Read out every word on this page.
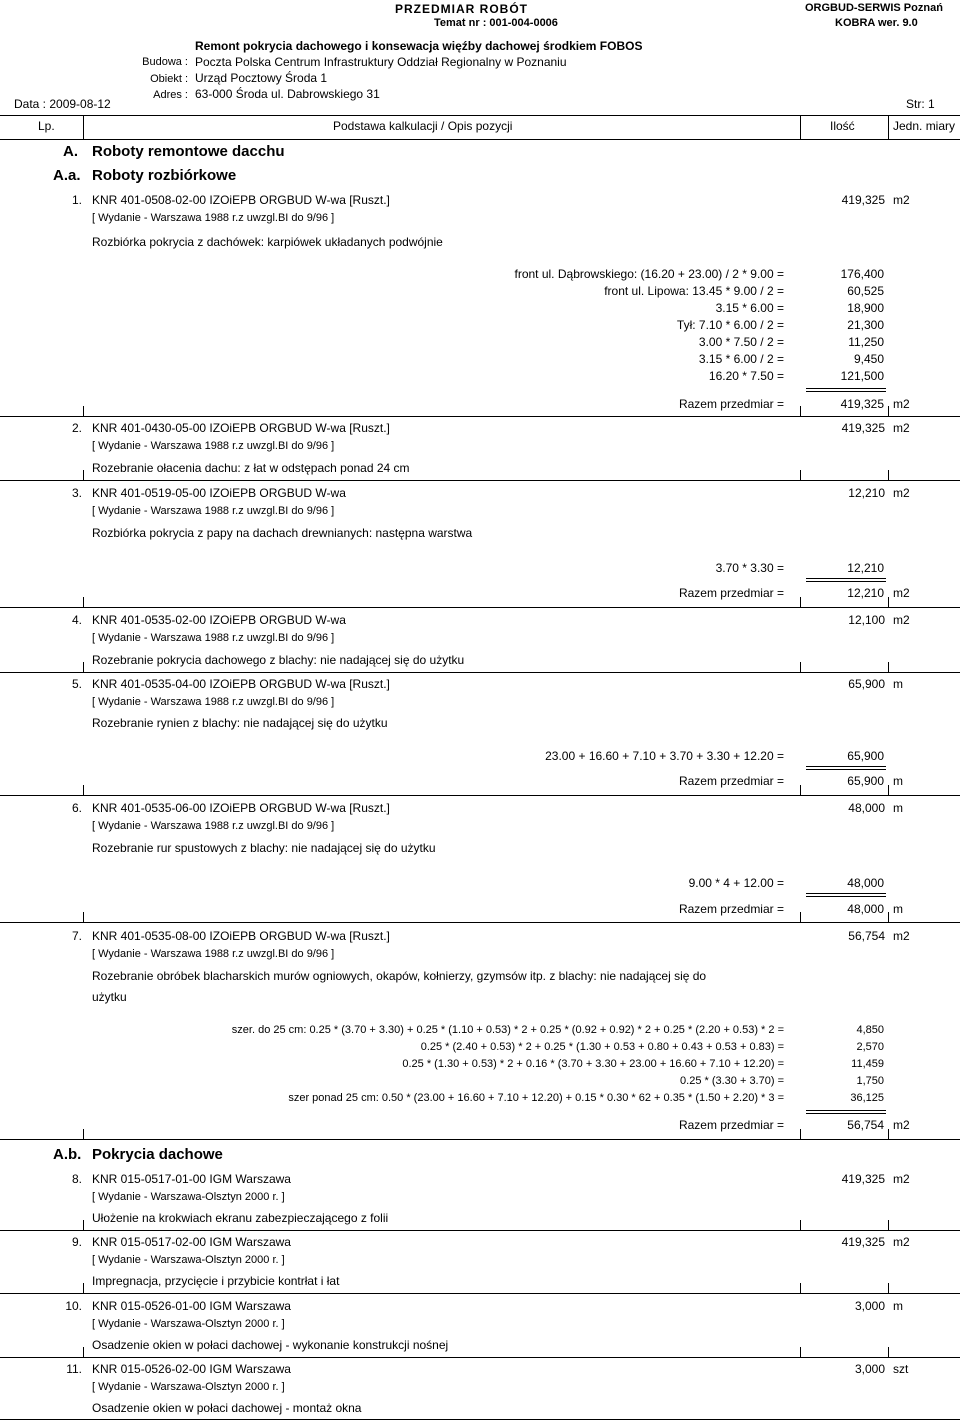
PRZEDMIAR ROBÓT
Temat nr : 001-004-0006
ORGBUD-SERWIS Poznań
KOBRA wer. 9.0
Remont pokrycia dachowego i konsewacja więźby dachowej środkiem FOBOS
Budowa : Poczta Polska Centrum Infrastruktury Oddział Regionalny w Poznaniu
Obiekt : Urząd Pocztowy Środa 1
Adres : 63-000 Środa ul. Dabrowskiego 31
Data : 2009-08-12	Str: 1
Lp.	Podstawa kalkulacji / Opis pozycji	Ilość	Jedn. miary
A. Roboty remontowe dacchu
A.a. Roboty rozbiórkowe
1. KNR 401-0508-02-00 IZOiEPB ORGBUD W-wa [Ruszt.]
[ Wydanie - Warszawa 1988 r.z uwzgl.BI do 9/96 ]
Rozbiórka pokrycia z dachówek: karpiówek układanych podwójnie
419,325 m2
front ul. Dąbrowskiego: (16.20 + 23.00) / 2 * 9.00 =	176,400
front ul. Lipowa: 13.45 * 9.00 / 2 =	60,525
3.15 * 6.00 =	18,900
Tył: 7.10 * 6.00 / 2 =	21,300
3.00 * 7.50 / 2 =	11,250
3.15 * 6.00 / 2 =	9,450
16.20 * 7.50 =	121,500
Razem przedmiar =	419,325 m2
2. KNR 401-0430-05-00 IZOiEPB ORGBUD W-wa [Ruszt.]
[ Wydanie - Warszawa 1988 r.z uwzgl.BI do 9/96 ]
Rozebranie ołacenia dachu: z łat w odstępach ponad 24 cm
419,325 m2
3. KNR 401-0519-05-00 IZOiEPB ORGBUD W-wa
[ Wydanie - Warszawa 1988 r.z uwzgl.BI do 9/96 ]
Rozbiórka pokrycia z papy na dachach drewnianych: następna warstwa
12,210 m2
3.70 * 3.30 =	12,210
Razem przedmiar =	12,210 m2
4. KNR 401-0535-02-00 IZOiEPB ORGBUD W-wa
[ Wydanie - Warszawa 1988 r.z uwzgl.BI do 9/96 ]
Rozebranie pokrycia dachowego z blachy: nie nadającej się do użytku
12,100 m2
5. KNR 401-0535-04-00 IZOiEPB ORGBUD W-wa [Ruszt.]
[ Wydanie - Warszawa 1988 r.z uwzgl.BI do 9/96 ]
Rozebranie rynien z blachy: nie nadającej się do użytku
65,900 m
23.00 + 16.60 + 7.10 + 3.70 + 3.30 + 12.20 =	65,900
Razem przedmiar =	65,900 m
6. KNR 401-0535-06-00 IZOiEPB ORGBUD W-wa [Ruszt.]
[ Wydanie - Warszawa 1988 r.z uwzgl.BI do 9/96 ]
Rozebranie rur spustowych z blachy: nie nadającej się do użytku
48,000 m
9.00 * 4 + 12.00 =	48,000
Razem przedmiar =	48,000 m
7. KNR 401-0535-08-00 IZOiEPB ORGBUD W-wa [Ruszt.]
[ Wydanie - Warszawa 1988 r.z uwzgl.BI do 9/96 ]
Rozebranie obróbek blacharskich murów ogniowych, okapów, kołnierzy, gzymsów itp. z blachy: nie nadającej się do
użytku
56,754 m2
szer. do 25 cm: 0.25 * (3.70 + 3.30) + 0.25 * (1.10 + 0.53) * 2 + 0.25 * (0.92 + 0.92) * 2 + 0.25 * (2.20 + 0.53) * 2 =	4,850
0.25 * (2.40 + 0.53) * 2 + 0.25 * (1.30 + 0.53 + 0.80 + 0.43 + 0.53 + 0.83) =	2,570
0.25 * (1.30 + 0.53) * 2 + 0.16 * (3.70 + 3.30 + 23.00 + 16.60 + 7.10 + 12.20) =	11,459
0.25 * (3.30 + 3.70) =	1,750
szer ponad 25 cm: 0.50 * (23.00 + 16.60 + 7.10 + 12.20) + 0.15 * 0.30 * 62 + 0.35 * (1.50 + 2.20) * 3 =	36,125
Razem przedmiar =	56,754 m2
A.b. Pokrycia dachowe
8. KNR 015-0517-01-00 IGM Warszawa
[ Wydanie - Warszawa-Olsztyn 2000 r. ]
Ułożenie na krokwiach ekranu zabezpieczającego z folii
419,325 m2
9. KNR 015-0517-02-00 IGM Warszawa
[ Wydanie - Warszawa-Olsztyn 2000 r. ]
Impregnacja, przycięcie i przybicie kontrłat i łat
419,325 m2
10. KNR 015-0526-01-00 IGM Warszawa
[ Wydanie - Warszawa-Olsztyn 2000 r. ]
Osadzenie okien w połaci dachowej - wykonanie konstrukcji nośnej
3,000 m
11. KNR 015-0526-02-00 IGM Warszawa
[ Wydanie - Warszawa-Olsztyn 2000 r. ]
Osadzenie okien w połaci dachowej - montaż okna
3,000 szt
